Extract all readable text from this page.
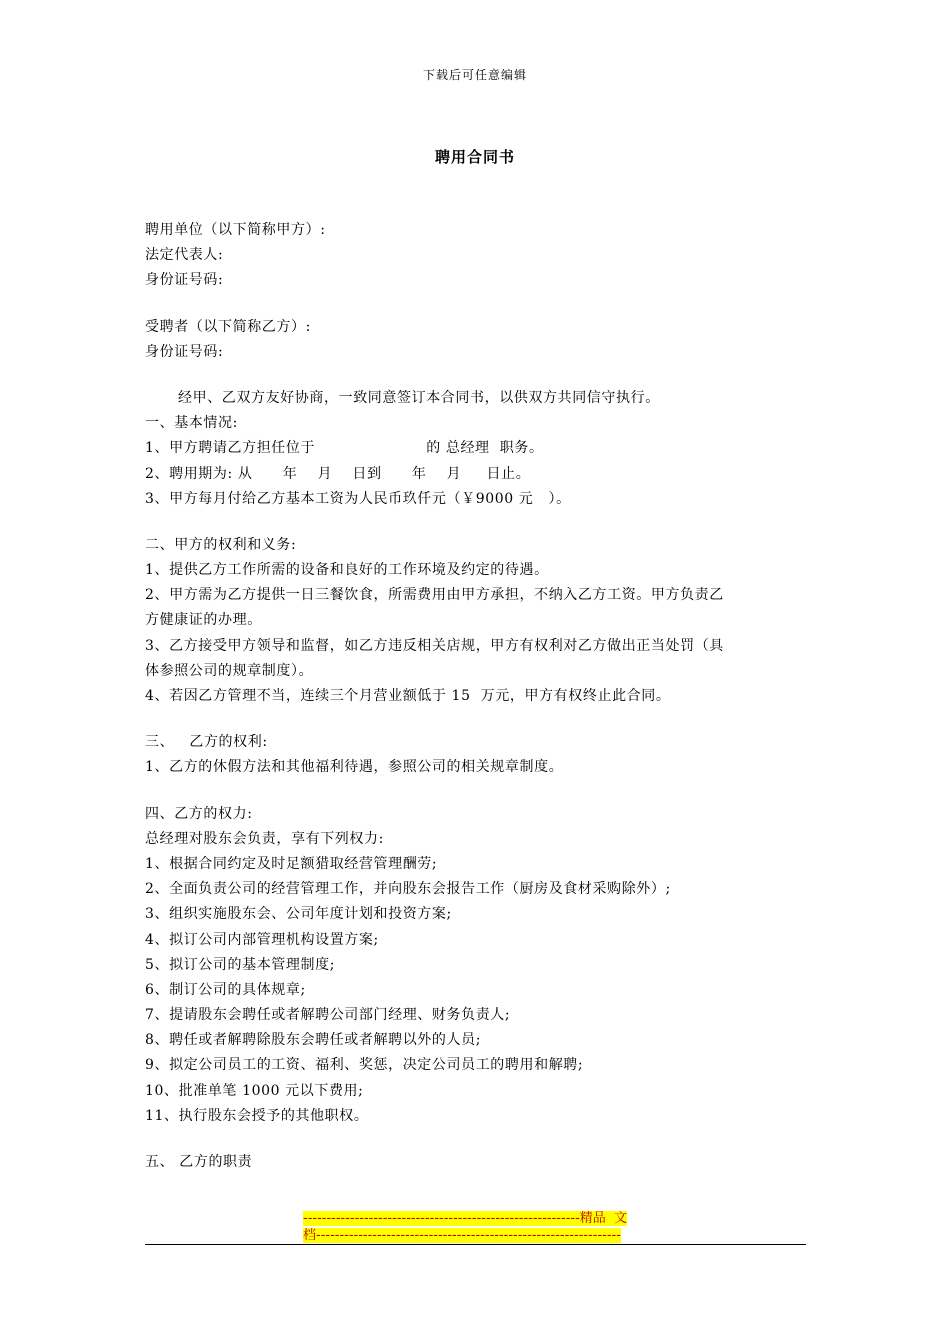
下载后可任意编辑
聘用合同书
聘用单位（以下简称甲方）:
法定代表人:
身份证号码:
受聘者（以下简称乙方）:
身份证号码:
经甲、乙双方友好协商，一致同意签订本合同书，以供双方共同信守执行。
一、基本情况:
1、甲方聘请乙方担任位于                      的 总经理  职务。
2、聘用期为: 从      年    月    日到      年    月     日止。
3、甲方每月付给乙方基本工资为人民币玖仟元（￥9000 元   ）。
二、甲方的权利和义务:
1、提供乙方工作所需的设备和良好的工作环境及约定的待遇。
2、甲方需为乙方提供一日三餐饮食，所需费用由甲方承担，不纳入乙方工资。甲方负责乙
方健康证的办理。
3、乙方接受甲方领导和监督，如乙方违反相关店规，甲方有权利对乙方做出正当处罚（具
体参照公司的规章制度）。
4、若因乙方管理不当，连续三个月营业额低于 15  万元，甲方有权终止此合同。
三、   乙方的权利:
1、乙方的休假方法和其他福利待遇，参照公司的相关规章制度。
四、乙方的权力:
总经理对股东会负责，享有下列权力:
1、根据合同约定及时足额猎取经营管理酬劳;
2、全面负责公司的经营管理工作，并向股东会报告工作（厨房及食材采购除外）;
3、组织实施股东会、公司年度计划和投资方案;
4、拟订公司内部管理机构设置方案;
5、拟订公司的基本管理制度;
6、制订公司的具体规章;
7、提请股东会聘任或者解聘公司部门经理、财务负责人;
8、聘任或者解聘除股东会聘任或者解聘以外的人员;
9、拟定公司员工的工资、福利、奖惩，决定公司员工的聘用和解聘;
10、批准单笔 1000 元以下费用;
11、执行股东会授予的其他职权。
五、 乙方的职责
-----------------------------------------------------------精品  文
档-----------------------------------------------------------------
